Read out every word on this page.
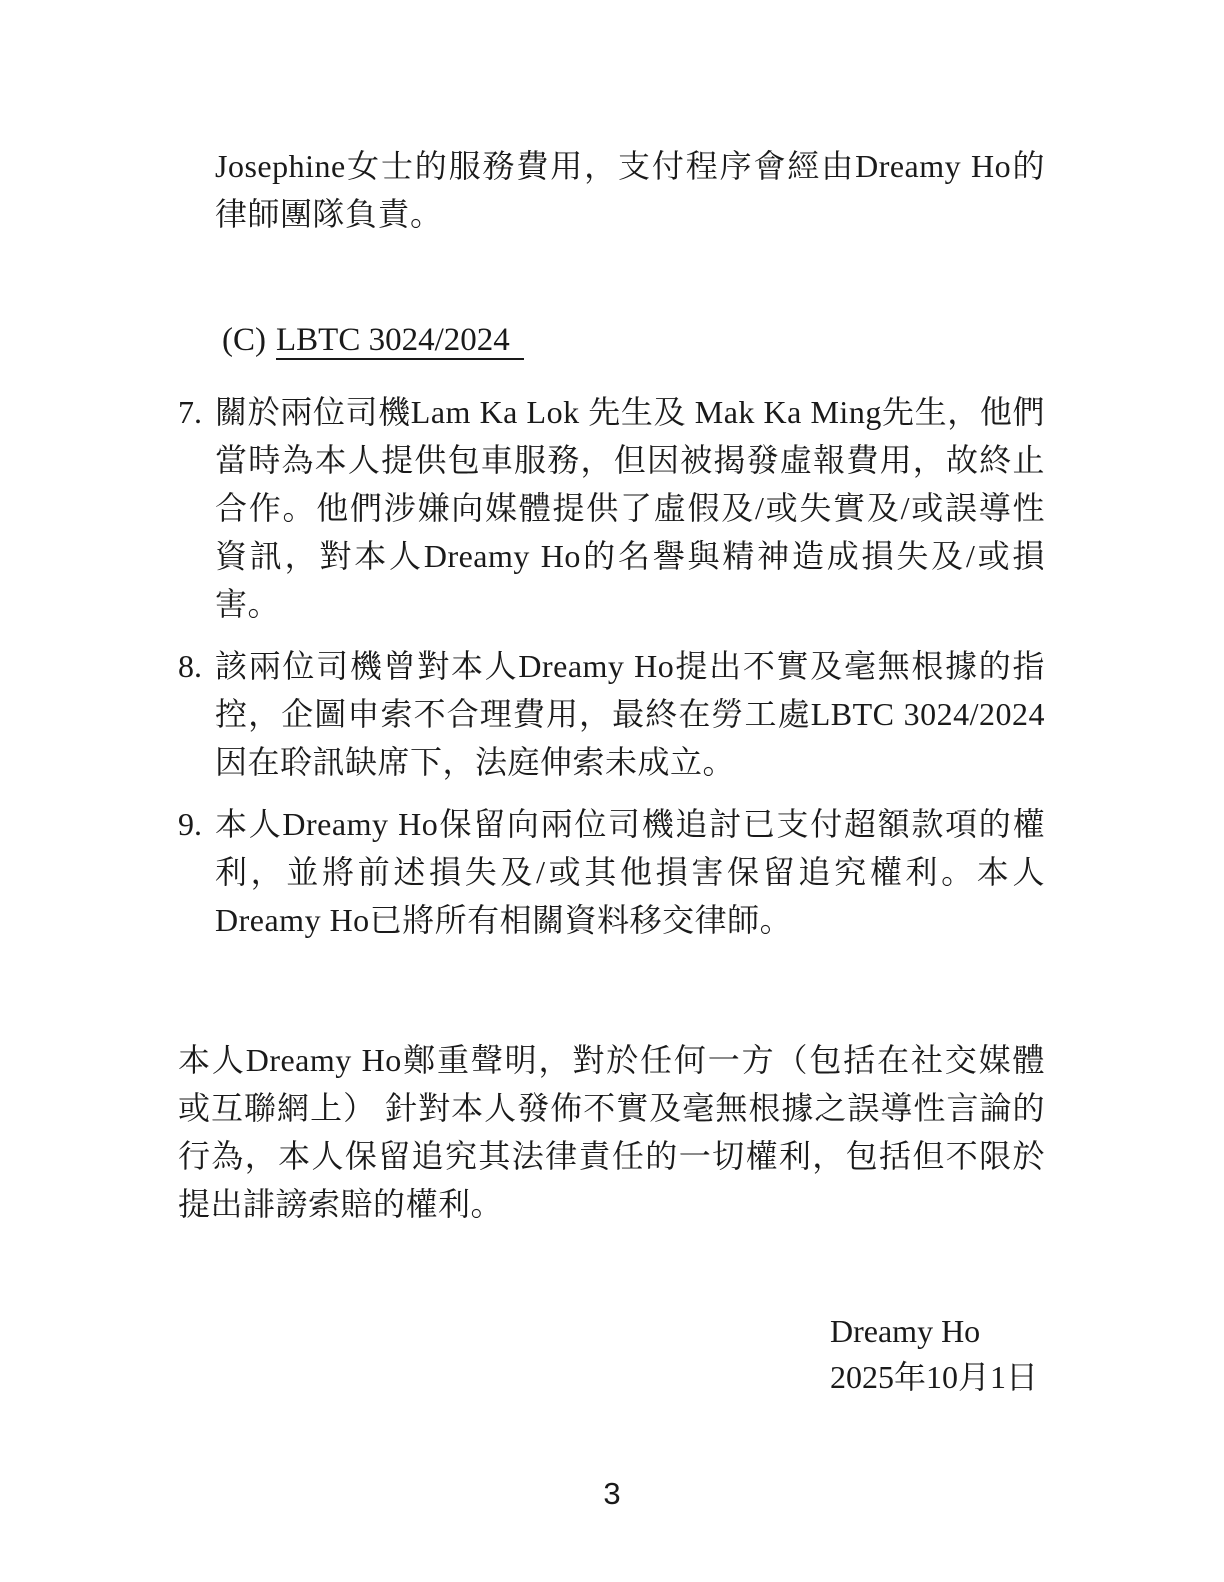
Josephine女士的服務費用，支付程序會經由Dreamy Ho的律師團隊負責。

(C) LBTC 3024/2024
7. 關於兩位司機Lam Ka Lok 先生及 Mak Ka Ming先生，他們當時為本人提供包車服務，但因被揭發虛報費用，故終止合作。他們涉嫌向媒體提供了虛假及/或失實及/或誤導性資訊，對本人Dreamy Ho的名譽與精神造成損失及/或損害。
8. 該兩位司機曾對本人Dreamy Ho提出不實及毫無根據的指控，企圖申索不合理費用，最終在勞工處LBTC 3024/2024 因在聆訊缺席下，法庭伸索未成立。
9. 本人Dreamy Ho保留向兩位司機追討已支付超額款項的權利，並將前述損失及/或其他損害保留追究權利。本人Dreamy Ho已將所有相關資料移交律師。

本人Dreamy Ho鄭重聲明，對於任何一方（包括在社交媒體或互聯網上） 針對本人發佈不實及毫無根據之誤導性言論的行為，本人保留追究其法律責任的一切權利，包括但不限於提出誹謗索賠的權利。

Dreamy Ho
2025年10月1日
3
